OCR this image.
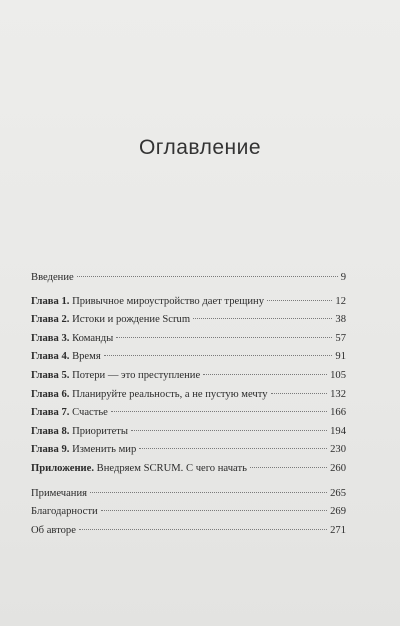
Оглавление
Введение	9
Глава 1. Привычное мироустройство дает трещину	12
Глава 2. Истоки и рождение Scrum	38
Глава 3. Команды	57
Глава 4. Время	91
Глава 5. Потери — это преступление	105
Глава 6. Планируйте реальность, а не пустую мечту	132
Глава 7. Счастье	166
Глава 8. Приоритеты	194
Глава 9. Изменить мир	230
Приложение. Внедряем SCRUM. С чего начать	260
Примечания	265
Благодарности	269
Об авторе	271
